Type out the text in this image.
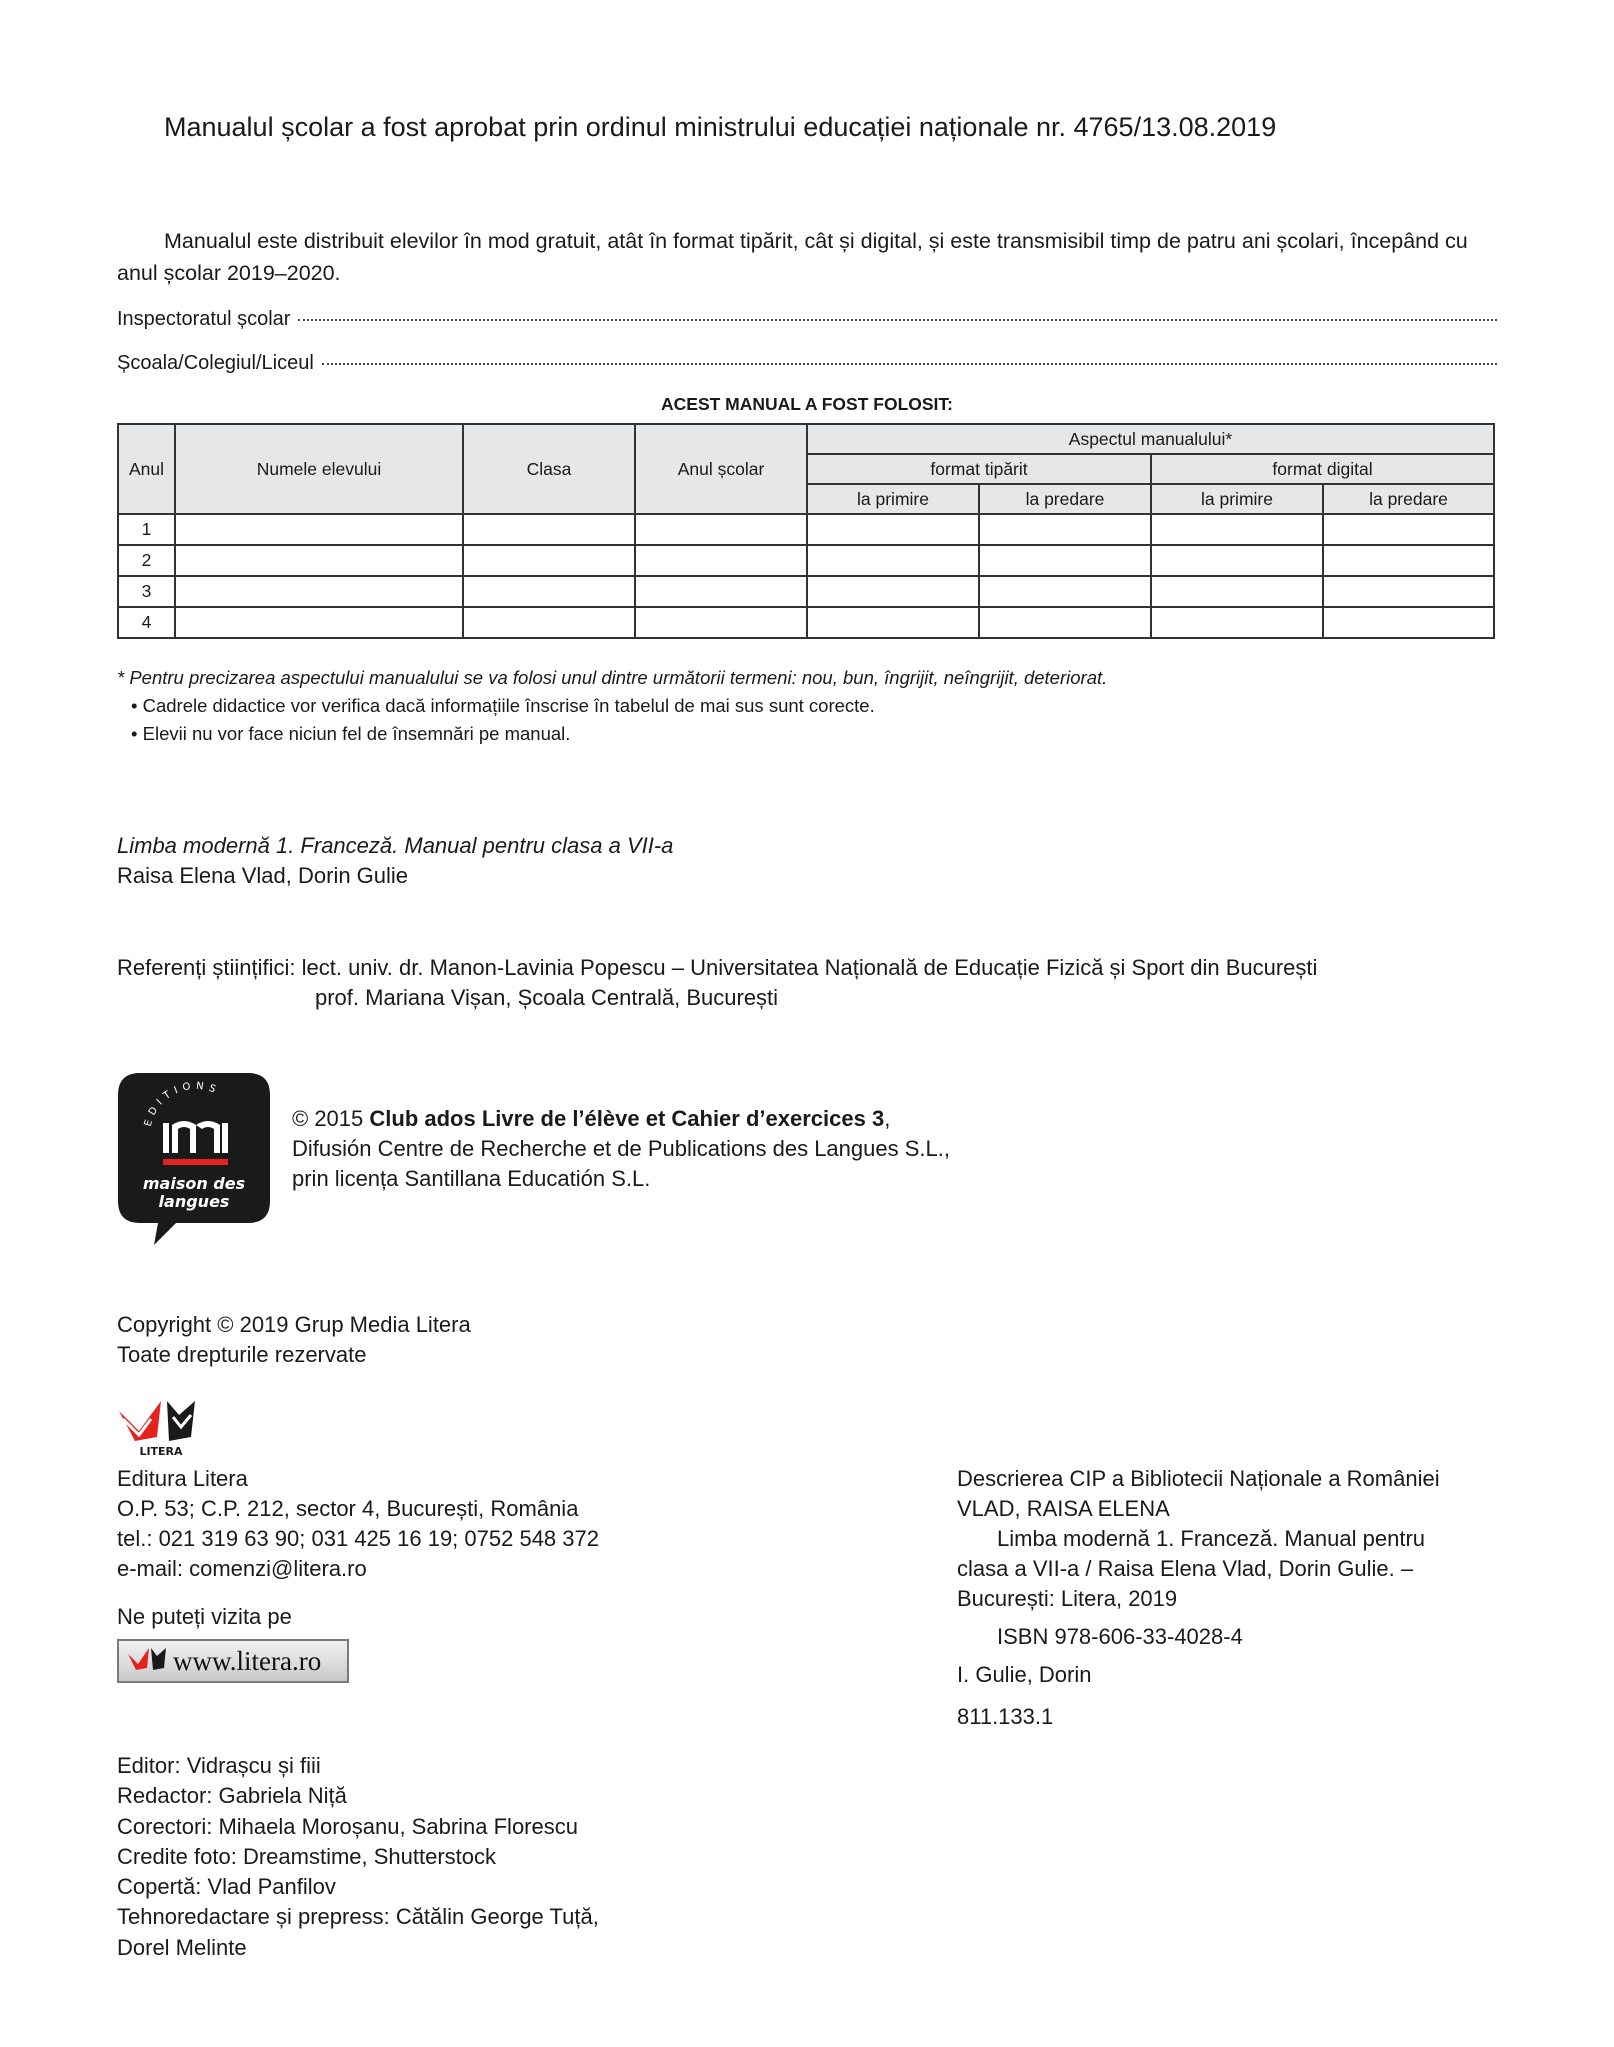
Manualul școlar a fost aprobat prin ordinul ministrului educației naționale nr. 4765/13.08.2019
Manualul este distribuit elevilor în mod gratuit, atât în format tipărit, cât și digital, și este transmisibil timp de patru ani școlari, începând cu anul școlar 2019–2020.
Inspectoratul școlar
Școala/Colegiul/Liceul
ACEST MANUAL A FOST FOLOSIT:
Anul	Numele elevului	Clasa	Anul școlar	Aspectul manualului*			
				format tipărit		format digital	
				la primire	la predare	la primire	la predare
1							
2							
3							
4							
* Pentru precizarea aspectului manualului se va folosi unul dintre următorii termeni: nou, bun, îngrijit, neîngrijit, deteriorat.
• Cadrele didactice vor verifica dacă informațiile înscrise în tabelul de mai sus sunt corecte.
• Elevii nu vor face niciun fel de însemnări pe manual.
Limba modernă 1. Franceză. Manual pentru clasa a VII-a
Raisa Elena Vlad, Dorin Gulie
Referenți științifici: lect. univ. dr. Manon-Lavinia Popescu – Universitatea Națională de Educație Fizică și Sport din București
prof. Mariana Vișan, Școala Centrală, București
EDITIONS
maison des
langues
© 2015 Club ados Livre de l’élève et Cahier d’exercices 3,
Difusión Centre de Recherche et de Publications des Langues S.L.,
prin licența Santillana Educatión S.L.
Copyright © 2019 Grup Media Litera
Toate drepturile rezervate
LITERA
Editura Litera
O.P. 53; C.P. 212, sector 4, București, România
tel.: 021 319 63 90; 031 425 16 19; 0752 548 372
e-mail: comenzi@litera.ro
Ne puteți vizita pe
www.litera.ro
Descrierea CIP a Bibliotecii Naționale a României
VLAD, RAISA ELENA
Limba modernă 1. Franceză. Manual pentru
clasa a VII-a / Raisa Elena Vlad, Dorin Gulie. –
București: Litera, 2019
ISBN 978-606-33-4028-4
I. Gulie, Dorin
811.133.1
Editor: Vidrașcu și fiii
Redactor: Gabriela Niță
Corectori: Mihaela Moroșanu, Sabrina Florescu
Credite foto: Dreamstime, Shutterstock
Copertă: Vlad Panfilov
Tehnoredactare și prepress: Cătălin George Tuță,
Dorel Melinte
